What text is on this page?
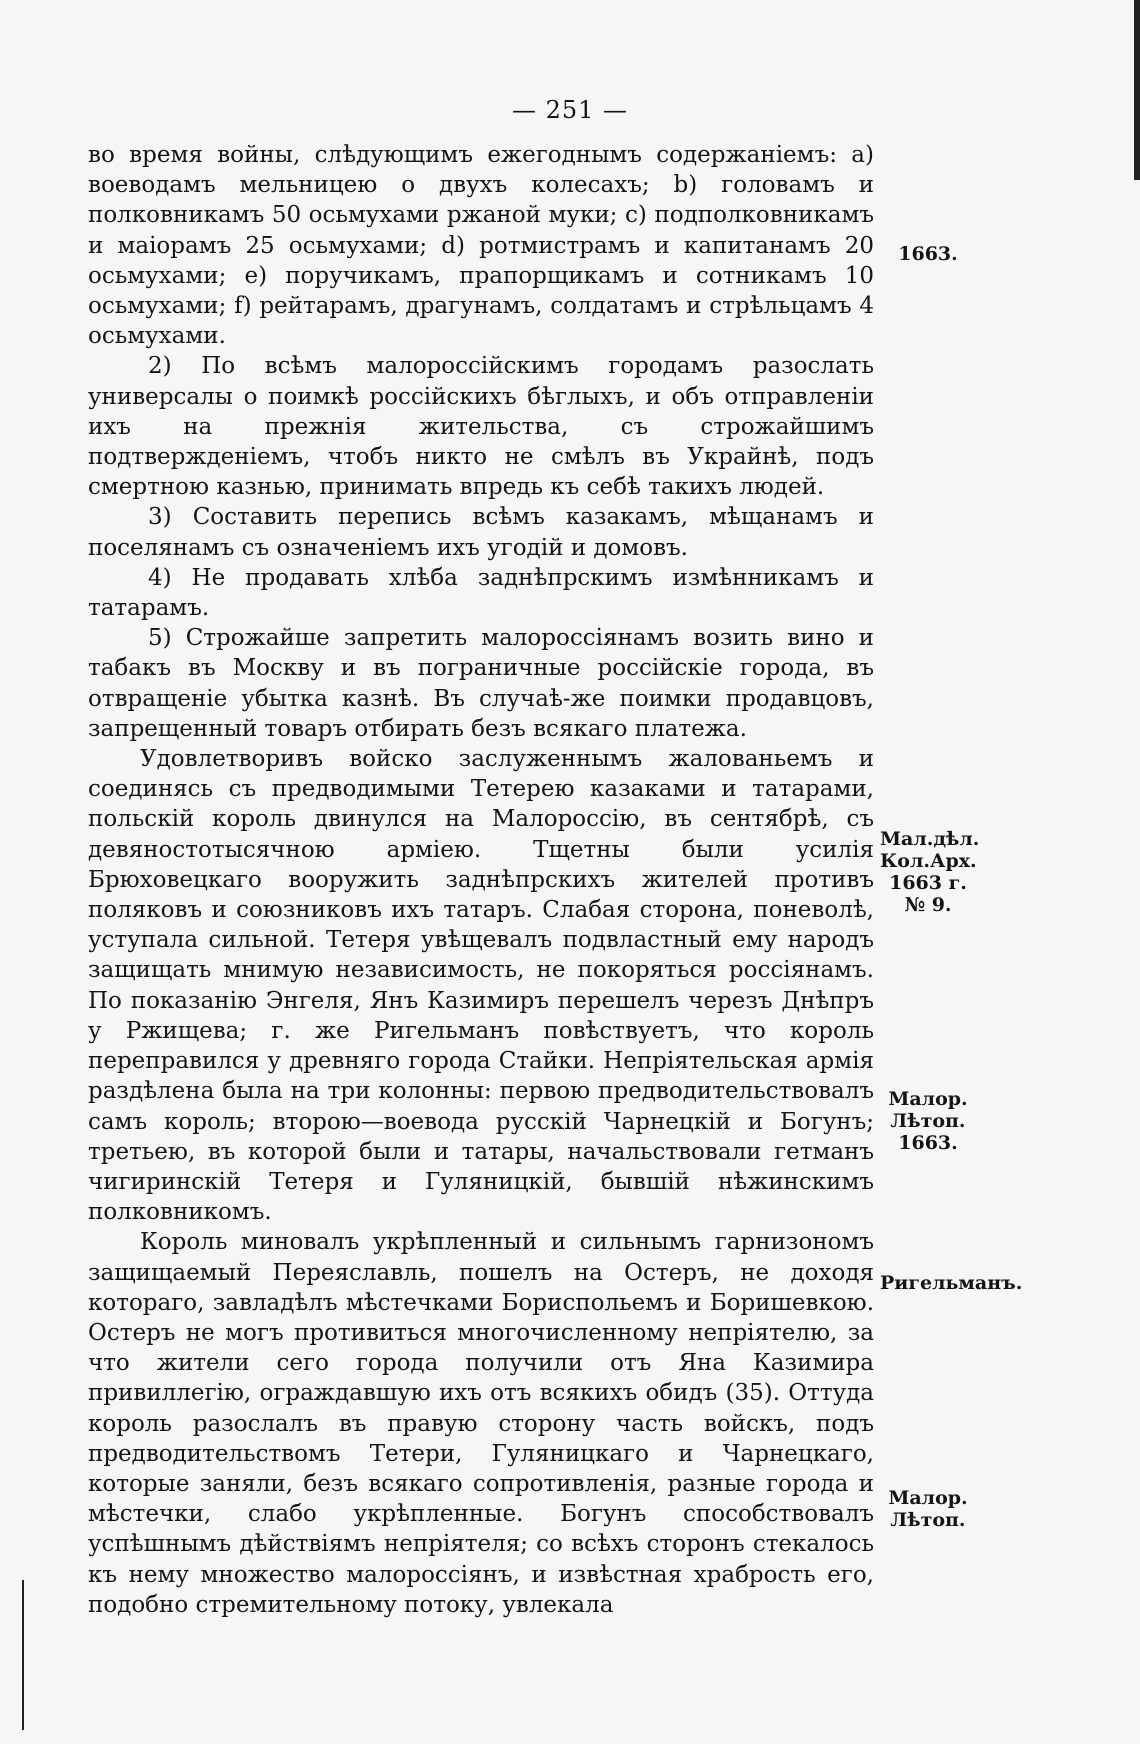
— 251 —

во время войны, слѣдующимъ ежегоднымъ содержанiемъ: a) воеводамъ мельницею о двухъ колесахъ; b) головамъ и полковникамъ 50 осьмухами ржаной муки; c) подполковникамъ и маiорамъ 25 осьмухами; d) ротмистрамъ и капитанамъ 20 осьмухами; e) поручикамъ, прапорщикамъ и сотникамъ 10 осьмухами; f) рейтарамъ, драгунамъ, солдатамъ и стрѣльцамъ 4 осьмухами.

2) По всѣмъ малороссiйскимъ городамъ разослать универсалы о поимкѣ россiйскихъ бѣглыхъ, и объ отправленiи ихъ на прежнiя жительства, съ строжайшимъ подтвержденiемъ, чтобъ никто не смѣлъ въ Украйнѣ, подъ смертною казнью, принимать впредь къ себѣ такихъ людей.

3) Составить перепись всѣмъ казакамъ, мѣщанамъ и поселянамъ съ означенiемъ ихъ угодiй и домовъ.

4) Не продавать хлѣба заднѣпрскимъ измѣнникамъ и татарамъ.

5) Строжайше запретить малороссiянамъ возить вино и табакъ въ Москву и въ пограничные россiйскiе города, въ отвращенiе убытка казнѣ. Въ случаѣ-же поимки продавцовъ, запрещенный товаръ отбирать безъ всякаго платежа.

Удовлетворивъ войско заслуженнымъ жалованьемъ и соединясь съ предводимыми Тетерею казаками и татарами, польскiй король двинулся на Малороссiю, въ сентябрѣ, съ девяностотысячною армiею. Тщетны были усилiя Брюховецкаго вооружить заднѣпрскихъ жителей противъ поляковъ и союзниковъ ихъ татаръ. Слабая сторона, поневолѣ, уступала сильной. Тетеря увѣщевалъ подвластный ему народъ защищать мнимую независимость, не покоряться россiянамъ. По показанiю Энгеля, Янъ Казимиръ перешелъ черезъ Днѣпръ у Ржищева; г. же Ригельманъ повѣствуетъ, что король переправился у древняго города Стайки. Непрiятельская армiя раздѣлена была на три колонны: первою предводительствовалъ самъ король; второю—воевода русскiй Чарнецкiй и Богунъ; третьею, въ которой были и татары, начальствовали гетманъ чигиринскiй Тетеря и Гуляницкiй, бывшiй нѣжинскимъ полковникомъ.

Король миновалъ укрѣпленный и сильнымъ гарнизономъ защищаемый Переяславль, пошелъ на Остеръ, не доходя котораго, завладѣлъ мѣстечками Бориспольемъ и Боришевкою. Остеръ не могъ противиться многочисленному непрiятелю, за что жители сего города получили отъ Яна Казимира привиллегiю, ограждавшую ихъ отъ всякихъ обидъ (35). Оттуда король разослалъ въ правую сторону часть войскъ, подъ предводительствомъ Тетери, Гуляницкаго и Чарнецкаго, которые заняли, безъ всякаго сопротивленiя, разные города и мѣстечки, слабо укрѣпленные. Богунъ способствовалъ успѣшнымъ дѣйствiямъ непрiятеля; со всѣхъ сторонъ стекалось къ нему множество малороссiянъ, и извѣстная храбрость его, подобно стремительному потоку, увлекала

1663.
Мал.дѣл. Кол.Арх. 1663 г. № 9.
Малор. Лѣтоп. 1663.
Ригельманъ.
Малор. Лѣтоп.
